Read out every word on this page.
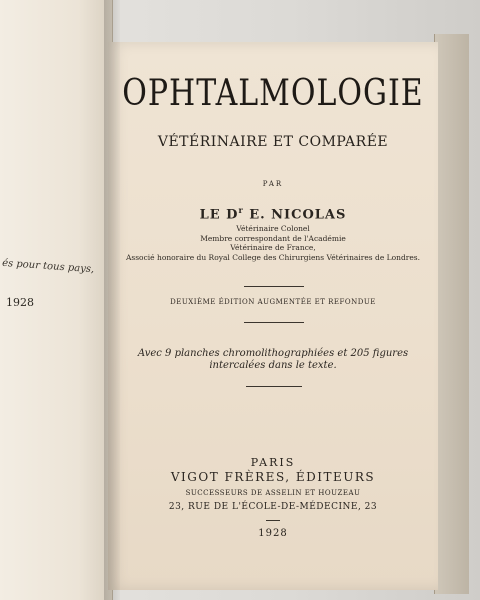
és pour tous pays,
1928
OPHTALMOLOGIE
VÉTÉRINAIRE ET COMPARÉE
PAR
LE $D^r$ E. NICOLAS
Vétérinaire Colonel
Membre correspondant de l'Académie
Vétérinaire de France,
Associé honoraire du Royal College des Chirurgiens Vétérinaires de Londres.
DEUXIÈME ÉDITION AUGMENTÉE ET REFONDUE
Avec 9 planches chromolithographiées et 205 figures
intercalées dans le texte.
PARIS
VIGOT FRÈRES, ÉDITEURS
SUCCESSEURS DE ASSELIN ET HOUZEAU
23, RUE DE L'ÉCOLE-DE-MÉDECINE, 23
1928
